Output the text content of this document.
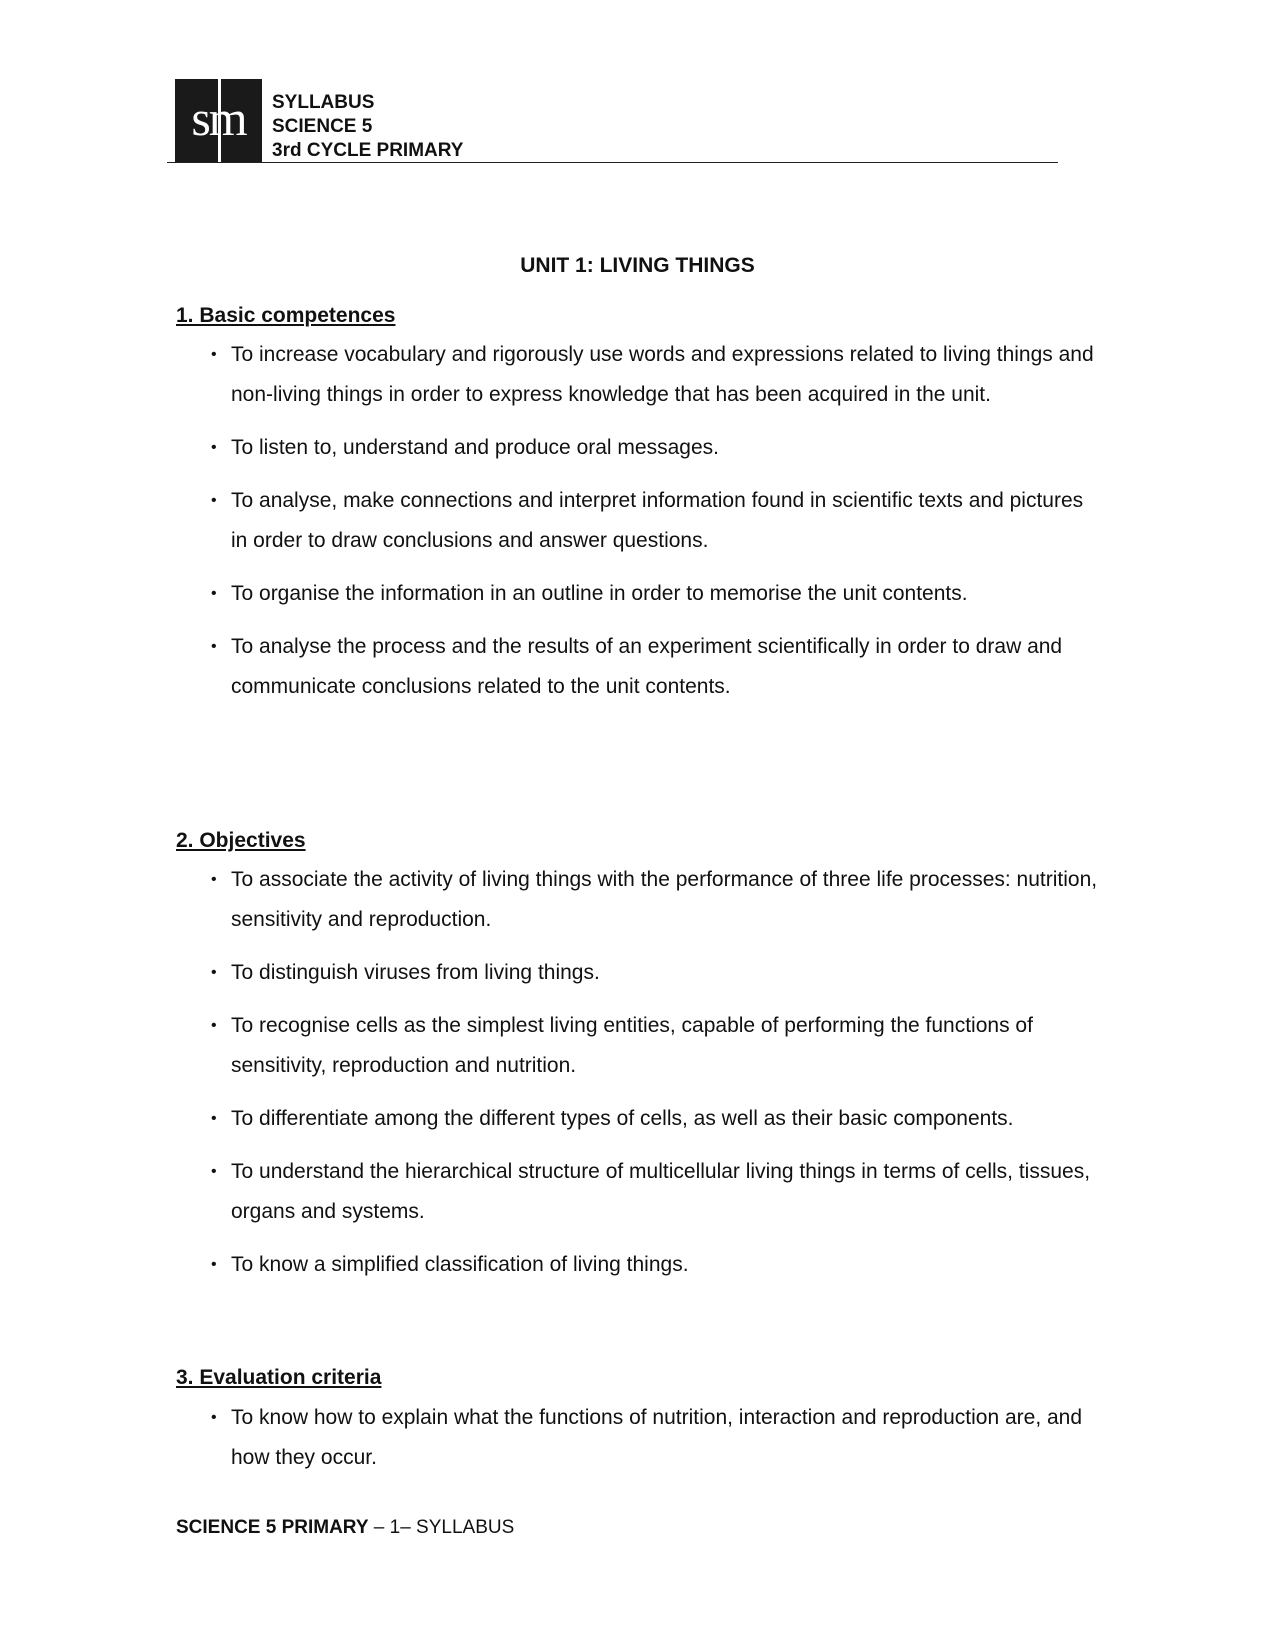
sm	SYLLABUS
SCIENCE 5
3rd CYCLE PRIMARY
UNIT 1: LIVING THINGS
1. Basic competences
• To increase vocabulary and rigorously use words and expressions related to living things and non-living things in order to express knowledge that has been acquired in the unit.
• To listen to, understand and produce oral messages.
• To analyse, make connections and interpret information found in scientific texts and pictures in order to draw conclusions and answer questions.
• To organise the information in an outline in order to memorise the unit contents.
• To analyse the process and the results of an experiment scientifically in order to draw and communicate conclusions related to the unit contents.
2. Objectives
• To associate the activity of living things with the performance of three life processes: nutrition, sensitivity and reproduction.
• To distinguish viruses from living things.
• To recognise cells as the simplest living entities, capable of performing the functions of sensitivity, reproduction and nutrition.
• To differentiate among the different types of cells, as well as their basic components.
• To understand the hierarchical structure of multicellular living things in terms of cells, tissues, organs and systems.
• To know a simplified classification of living things.
3. Evaluation criteria
• To know how to explain what the functions of nutrition, interaction and reproduction are, and how they occur.
SCIENCE 5 PRIMARY – 1– SYLLABUS
